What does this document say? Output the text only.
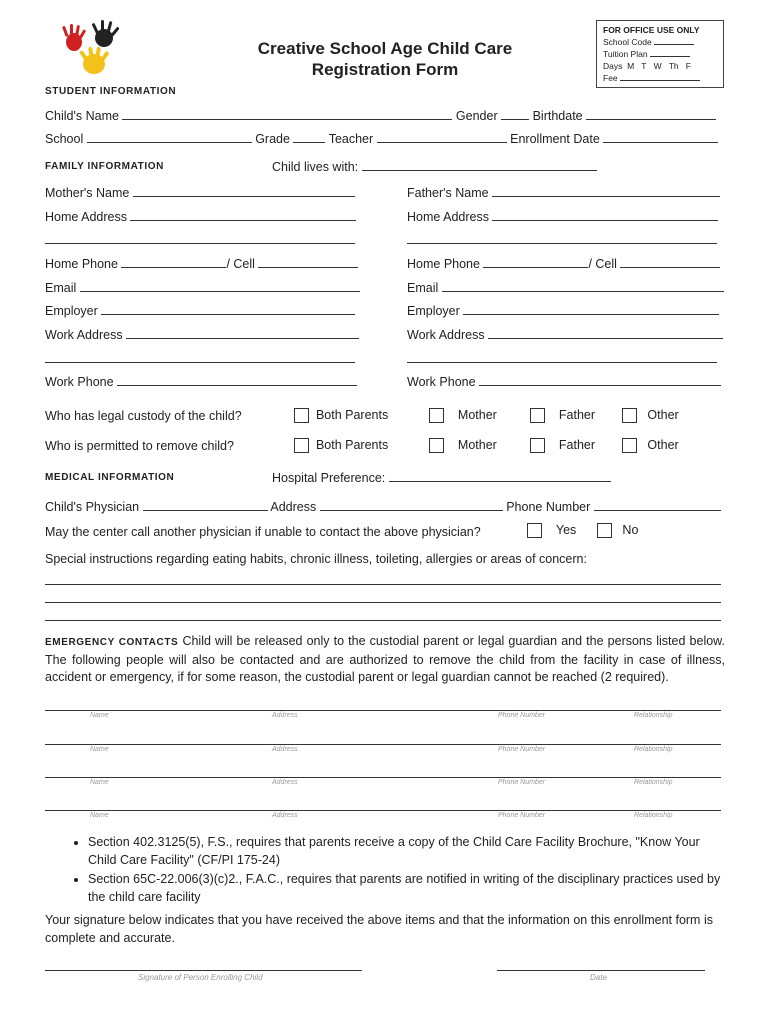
Creative School Age Child Care
Registration Form
FOR OFFICE USE ONLY
School Code
Tuition Plan
Days M T W Th F
Fee
STUDENT INFORMATION
Child's Name	Gender	Birthdate
School	Grade	Teacher	Enrollment Date
FAMILY INFORMATION	Child lives with:
Mother's Name
Home Address
Home Phone	/ Cell
Email
Employer
Work Address
Work Phone
Father's Name
Home Address
Home Phone	/ Cell
Email
Employer
Work Address
Work Phone
Who has legal custody of the child?	Both Parents	Mother	Father	Other
Who is permitted to remove child?	Both Parents	Mother	Father	Other
MEDICAL INFORMATION	Hospital Preference:
Child's Physician	Address	Phone Number
May the center call another physician if unable to contact the above physician?	Yes	No
Special instructions regarding eating habits, chronic illness, toileting, allergies or areas of concern:
EMERGENCY CONTACTS Child will be released only to the custodial parent or legal guardian and the persons listed below. The following people will also be contacted and are authorized to remove the child from the facility in case of illness, accident or emergency, if for some reason, the custodial parent or legal guardian cannot be reached (2 required).
Name	Address	Phone Number	Relationship
Name	Address	Phone Number	Relationship
Name	Address	Phone Number	Relationship
Name	Address	Phone Number	Relationship
• Section 402.3125(5), F.S., requires that parents receive a copy of the Child Care Facility Brochure, "Know Your Child Care Facility" (CF/PI 175-24)
• Section 65C-22.006(3)(c)2., F.A.C., requires that parents are notified in writing of the disciplinary practices used by the child care facility
Your signature below indicates that you have received the above items and that the information on this enrollment form is complete and accurate.
Signature of Person Enrolling Child	Date
